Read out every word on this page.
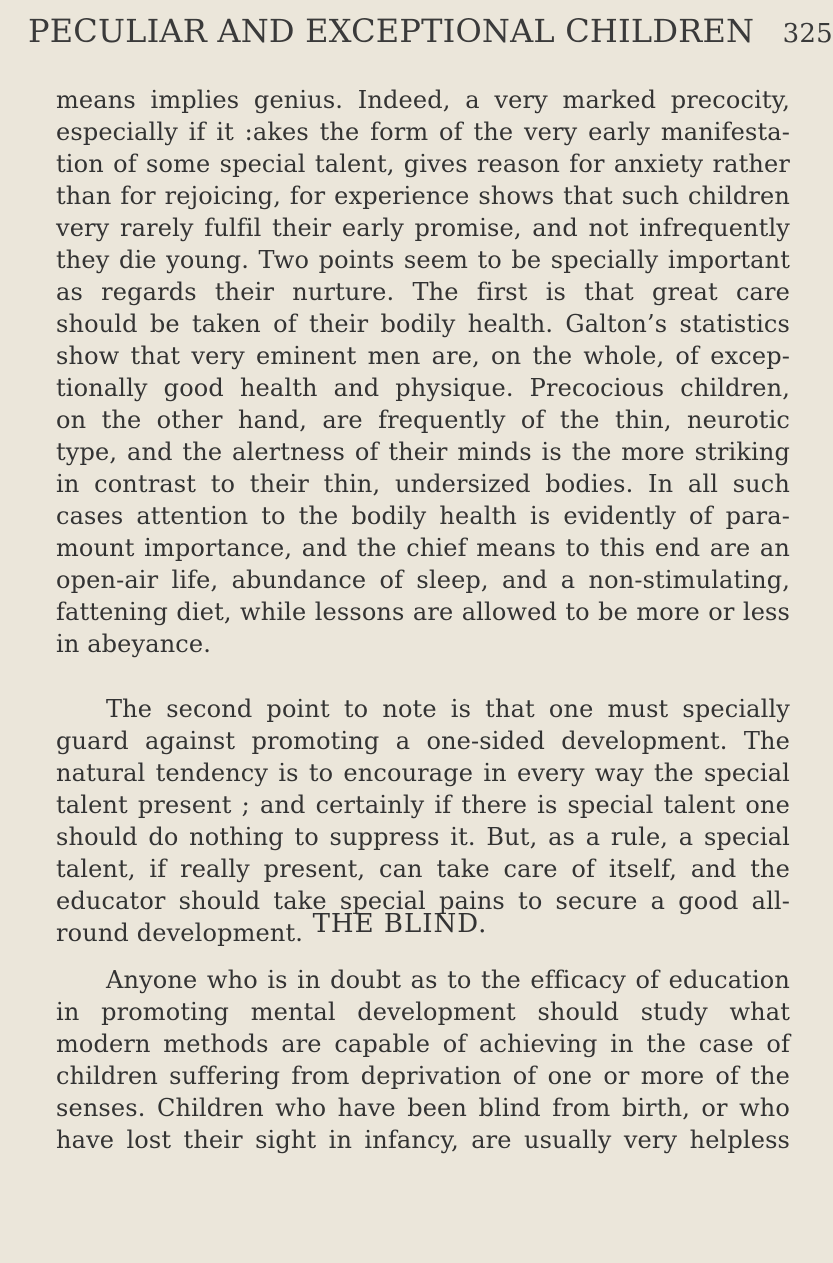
PECULIAR AND EXCEPTIONAL CHILDREN 325
means implies genius. Indeed, a very marked precocity,
especially if it :akes the form of the very early manifesta-
tion of some special talent, gives reason for anxiety rather
than for rejoicing, for experience shows that such children
very rarely fulfil their early promise, and not infrequently
they die young. Two points seem to be specially important
as regards their nurture. The first is that great care
should be taken of their bodily health. Galton’s statistics
show that very eminent men are, on the whole, of excep-
tionally good health and physique. Precocious children,
on the other hand, are frequently of the thin, neurotic
type, and the alertness of their minds is the more striking
in contrast to their thin, undersized bodies. In all such
cases attention to the bodily health is evidently of para-
mount importance, and the chief means to this end are an
open-air life, abundance of sleep, and a non-stimulating,
fattening diet, while lessons are allowed to be more or less
in abeyance.
The second point to note is that one must specially
guard against promoting a one-sided development. The
natural tendency is to encourage in every way the special
talent present ; and certainly if there is special talent one
should do nothing to suppress it. But, as a rule, a special
talent, if really present, can take care of itself, and the
educator should take special pains to secure a good all-
round development. THE BLIND.
Anyone who is in doubt as to the efficacy of education
in promoting mental development should study what
modern methods are capable of achieving in the case of
children suffering from deprivation of one or more of the
senses. Children who have been blind from birth, or who
have lost their sight in infancy, are usually very helpless
